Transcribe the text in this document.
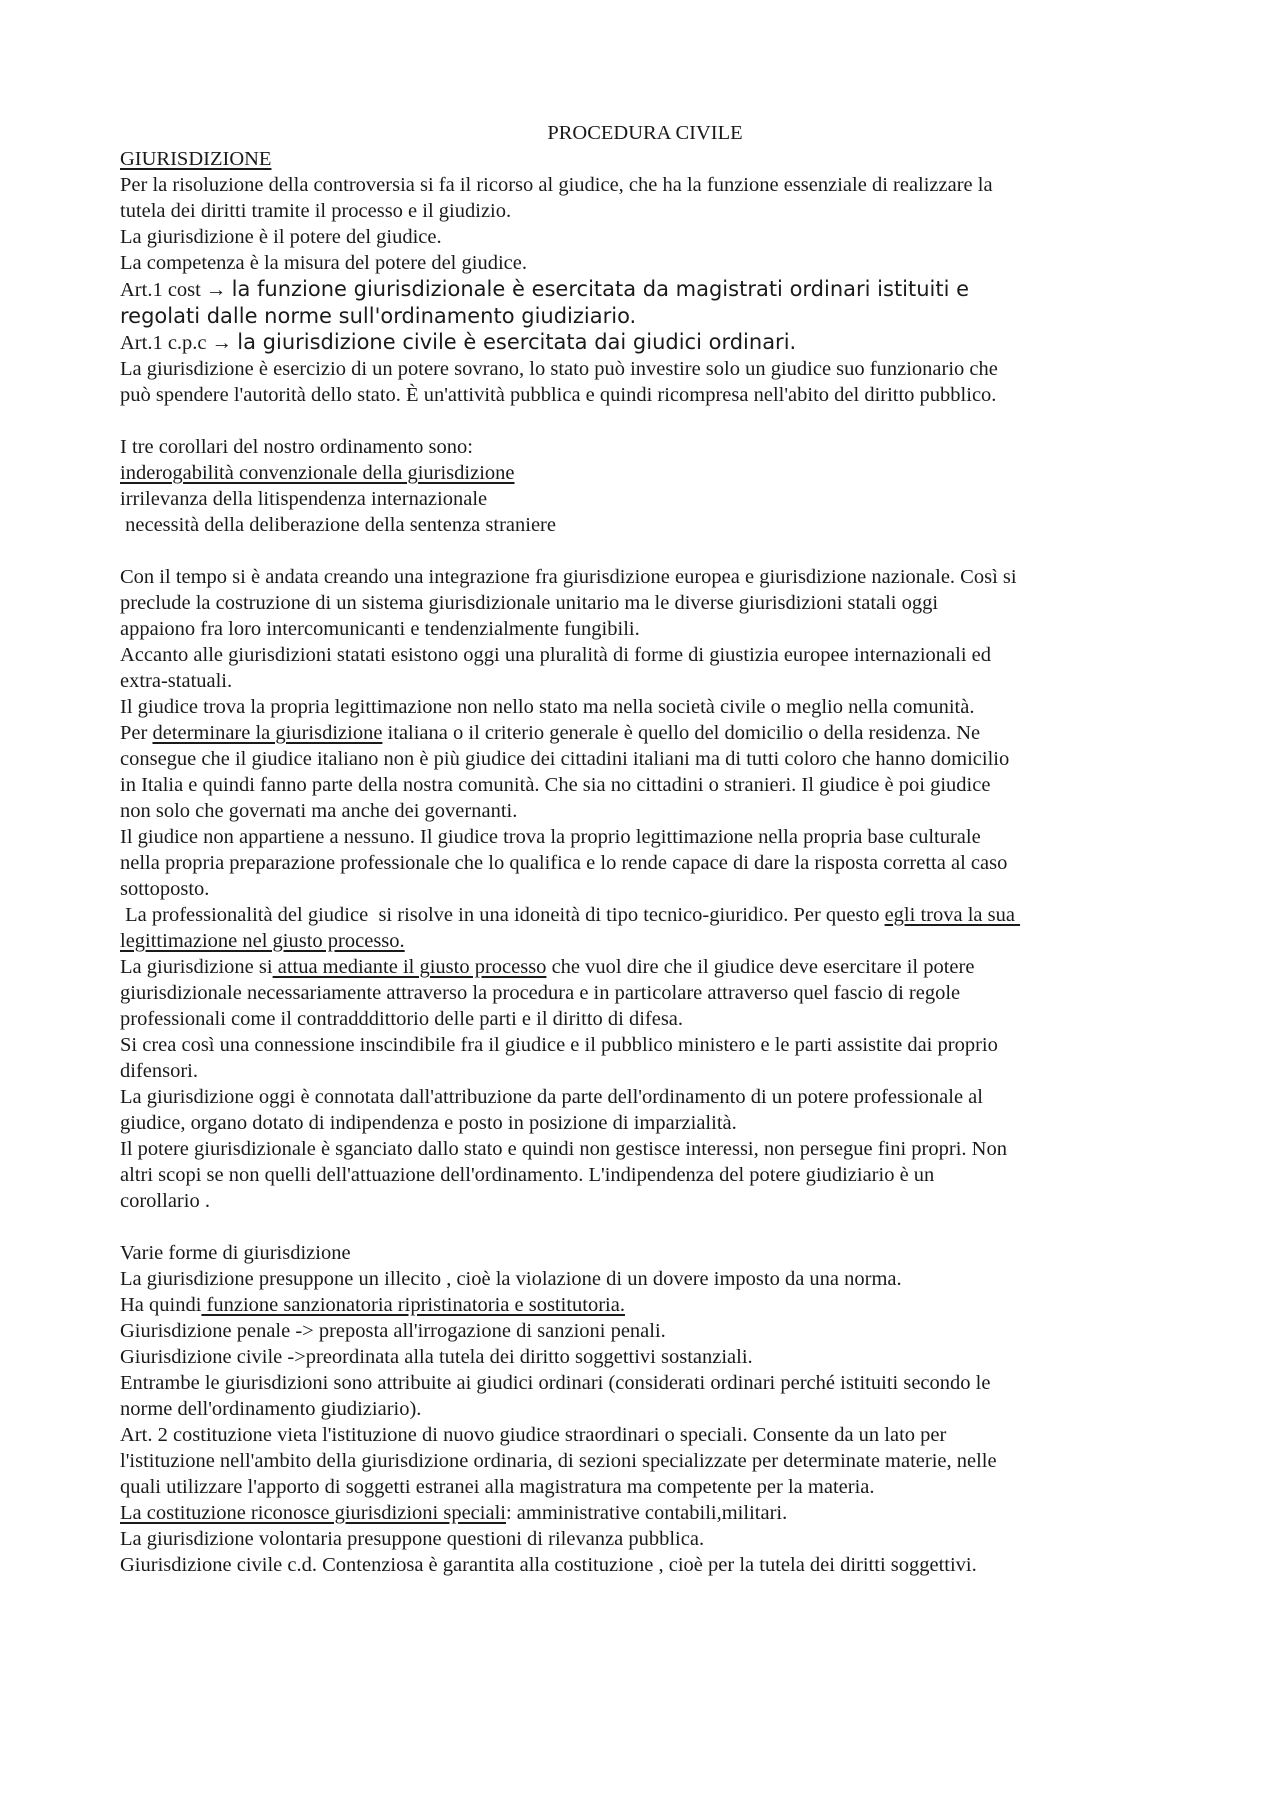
PROCEDURA CIVILE

GIURISDIZIONE

Per la risoluzione della controversia si fa il ricorso al giudice, che ha la funzione essenziale di realizzare la

tutela dei diritti tramite il processo e il giudizio.

La giurisdizione è il potere del giudice.

La competenza è la misura del potere del giudice.

Art.1 cost → la funzione giurisdizionale è esercitata da magistrati ordinari istituiti e

regolati dalle norme sull'ordinamento giudiziario.

Art.1 c.p.c → la giurisdizione civile è esercitata dai giudici ordinari.

La giurisdizione è esercizio di un potere sovrano, lo stato può investire solo un giudice suo funzionario che

può spendere l'autorità dello stato. È un'attività pubblica e quindi ricompresa nell'abito del diritto pubblico.

I tre corollari del nostro ordinamento sono:

inderogabilità convenzionale della giurisdizione

irrilevanza della litispendenza internazionale

necessità della deliberazione della sentenza straniere

Con il tempo si è andata creando una integrazione fra giurisdizione europea e giurisdizione nazionale. Così si

preclude la costruzione di un sistema giurisdizionale unitario ma le diverse giurisdizioni statali oggi

appaiono fra loro intercomunicanti e tendenzialmente fungibili.

Accanto alle giurisdizioni statati esistono oggi una pluralità di forme di giustizia europee internazionali ed

extra-statuali.

Il giudice trova la propria legittimazione non nello stato ma nella società civile o meglio nella comunità.

Per determinare la giurisdizione italiana o il criterio generale è quello del domicilio o della residenza. Ne

consegue che il giudice italiano non è più giudice dei cittadini italiani ma di tutti coloro che hanno domicilio

in Italia e quindi fanno parte della nostra comunità. Che sia no cittadini o stranieri. Il giudice è poi giudice

non solo che governati ma anche dei governanti.

Il giudice non appartiene a nessuno. Il giudice trova la proprio legittimazione nella propria base culturale

nella propria preparazione professionale che lo qualifica e lo rende capace di dare la risposta corretta al caso

sottoposto.

La professionalità del giudice  si risolve in una idoneità di tipo tecnico-giuridico. Per questo egli trova la sua

legittimazione nel giusto processo.

La giurisdizione si attua mediante il giusto processo che vuol dire che il giudice deve esercitare il potere

giurisdizionale necessariamente attraverso la procedura e in particolare attraverso quel fascio di regole

professionali come il contradddittorio delle parti e il diritto di difesa.

Si crea così una connessione inscindibile fra il giudice e il pubblico ministero e le parti assistite dai proprio

difensori.

La giurisdizione oggi è connotata dall'attribuzione da parte dell'ordinamento di un potere professionale al

giudice, organo dotato di indipendenza e posto in posizione di imparzialità.

Il potere giurisdizionale è sganciato dallo stato e quindi non gestisce interessi, non persegue fini propri. Non

altri scopi se non quelli dell'attuazione dell'ordinamento. L'indipendenza del potere giudiziario è un

corollario .

Varie forme di giurisdizione

La giurisdizione presuppone un illecito , cioè la violazione di un dovere imposto da una norma.

Ha quindi funzione sanzionatoria ripristinatoria e sostitutoria.

Giurisdizione penale -> preposta all'irrogazione di sanzioni penali.

Giurisdizione civile ->preordinata alla tutela dei diritto soggettivi sostanziali.

Entrambe le giurisdizioni sono attribuite ai giudici ordinari (considerati ordinari perché istituiti secondo le

norme dell'ordinamento giudiziario).

Art. 2 costituzione vieta l'istituzione di nuovo giudice straordinari o speciali. Consente da un lato per

l'istituzione nell'ambito della giurisdizione ordinaria, di sezioni specializzate per determinate materie, nelle

quali utilizzare l'apporto di soggetti estranei alla magistratura ma competente per la materia.

La costituzione riconosce giurisdizioni speciali: amministrative contabili,militari.

La giurisdizione volontaria presuppone questioni di rilevanza pubblica.

Giurisdizione civile c.d. Contenziosa è garantita alla costituzione , cioè per la tutela dei diritti soggettivi.
